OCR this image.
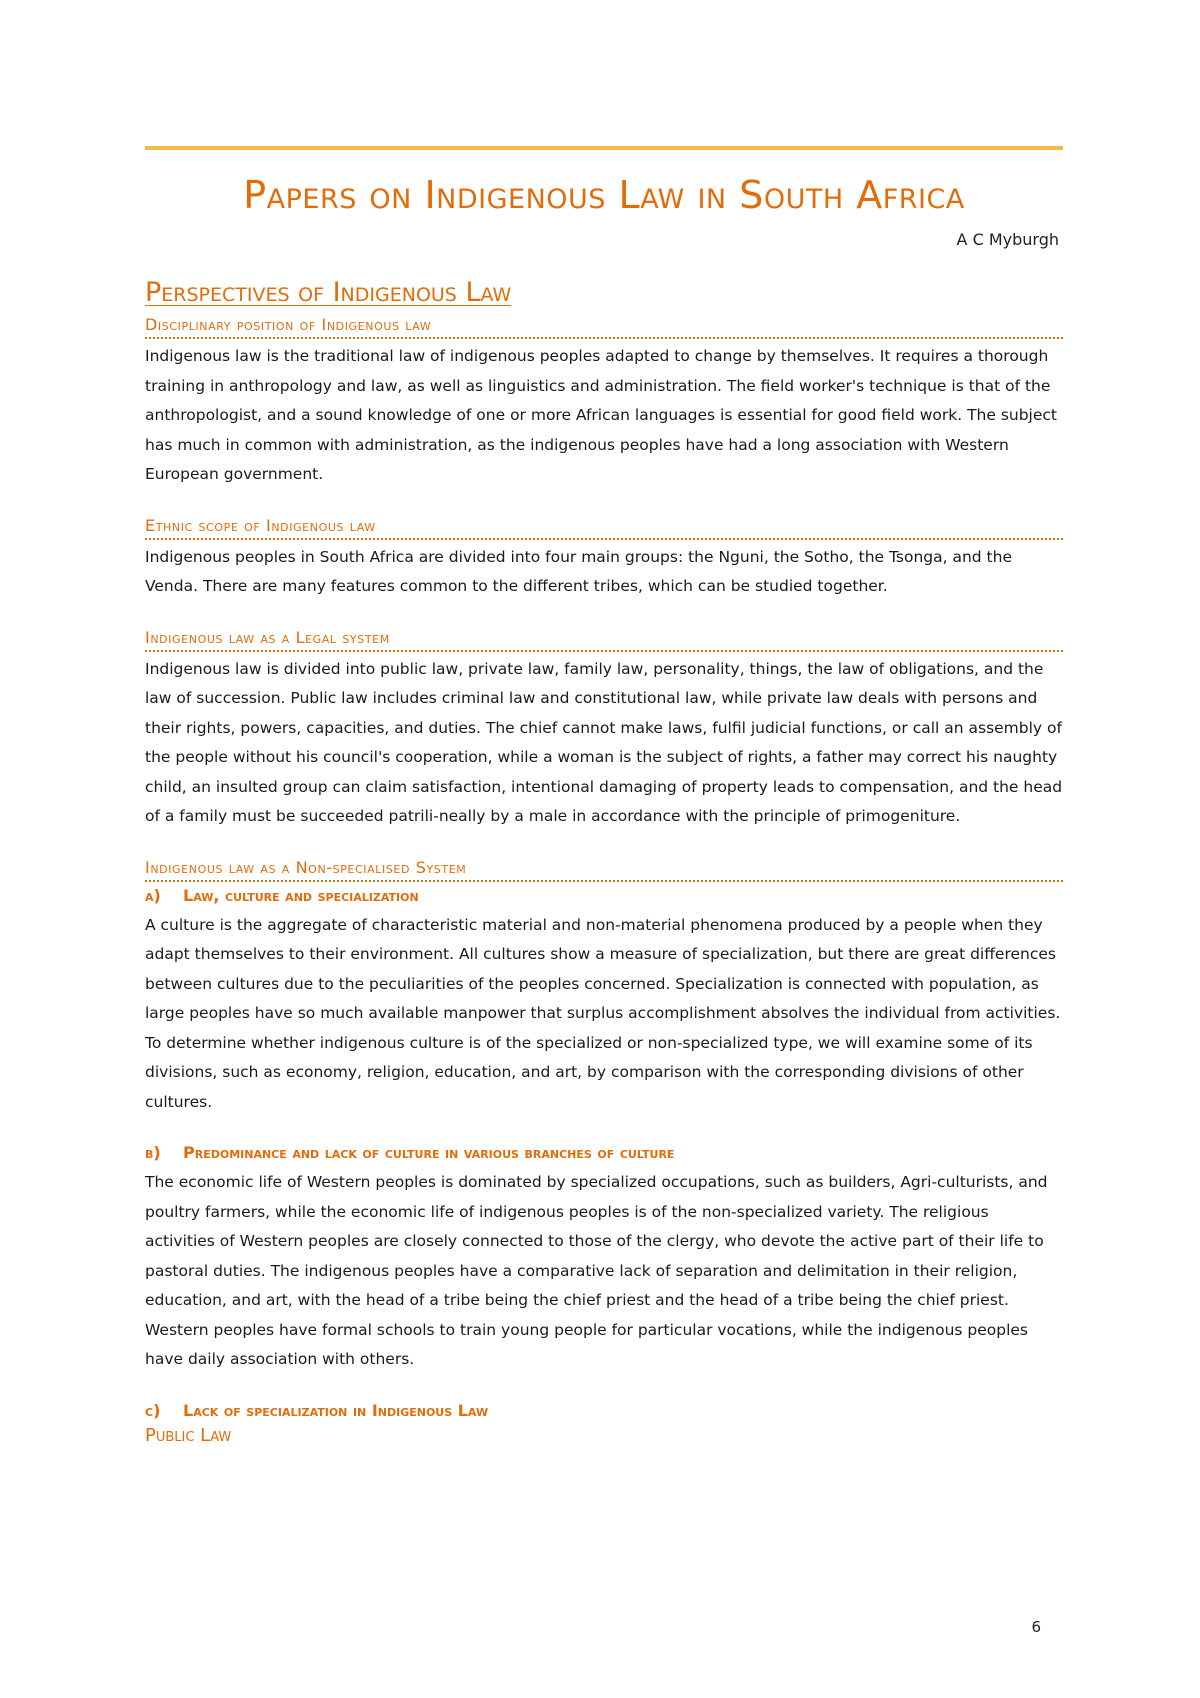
Papers on Indigenous Law in South Africa

A C Myburgh

Perspectives of Indigenous Law
Disciplinary position of Indigenous law

Indigenous law is the traditional law of indigenous peoples adapted to change by themselves. It requires a thorough training in anthropology and law, as well as linguistics and administration. The field worker's technique is that of the anthropologist, and a sound knowledge of one or more African languages is essential for good field work. The subject has much in common with administration, as the indigenous peoples have had a long association with Western European government.

Ethnic scope of Indigenous law

Indigenous peoples in South Africa are divided into four main groups: the Nguni, the Sotho, the Tsonga, and the Venda. There are many features common to the different tribes, which can be studied together.

Indigenous law as a Legal system

Indigenous law is divided into public law, private law, family law, personality, things, the law of obligations, and the law of succession. Public law includes criminal law and constitutional law, while private law deals with persons and their rights, powers, capacities, and duties. The chief cannot make laws, fulfil judicial functions, or call an assembly of the people without his council's cooperation, while a woman is the subject of rights, a father may correct his naughty child, an insulted group can claim satisfaction, intentional damaging of property leads to compensation, and the head of a family must be succeeded patrili-neally by a male in accordance with the principle of primogeniture.

Indigenous law as a Non-specialised System
a) Law, culture and specialization

A culture is the aggregate of characteristic material and non-material phenomena produced by a people when they adapt themselves to their environment. All cultures show a measure of specialization, but there are great differences between cultures due to the peculiarities of the peoples concerned. Specialization is connected with population, as large peoples have so much available manpower that surplus accomplishment absolves the individual from activities. To determine whether indigenous culture is of the specialized or non-specialized type, we will examine some of its divisions, such as economy, religion, education, and art, by comparison with the corresponding divisions of other cultures.

b) Predominance and lack of culture in various branches of culture

The economic life of Western peoples is dominated by specialized occupations, such as builders, Agri-culturists, and poultry farmers, while the economic life of indigenous peoples is of the non-specialized variety. The religious activities of Western peoples are closely connected to those of the clergy, who devote the active part of their life to pastoral duties. The indigenous peoples have a comparative lack of separation and delimitation in their religion, education, and art, with the head of a tribe being the chief priest and the head of a tribe being the chief priest. Western peoples have formal schools to train young people for particular vocations, while the indigenous peoples have daily association with others.

c) Lack of specialization in Indigenous Law
Public Law

6
